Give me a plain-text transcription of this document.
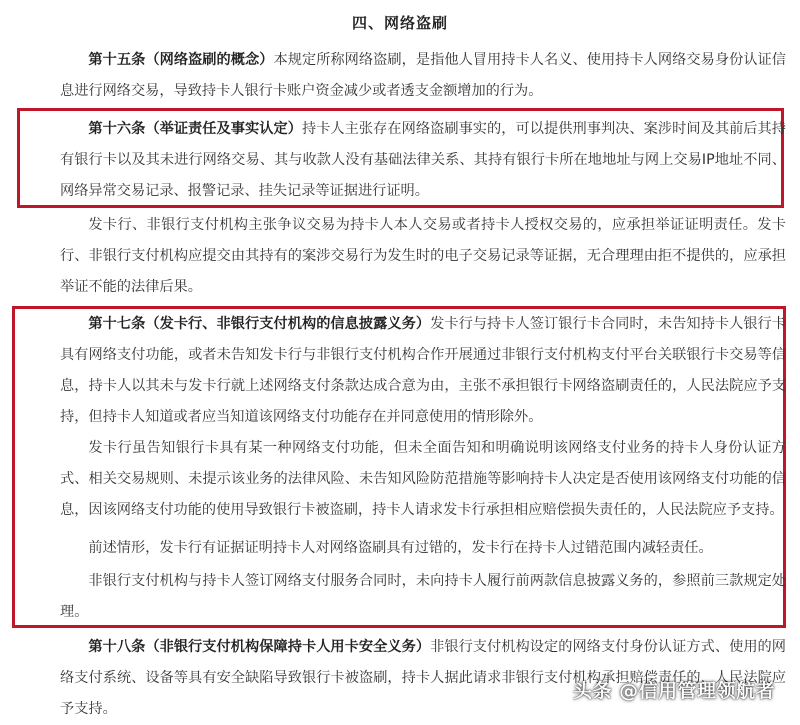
四、网络盗刷

第十五条（网络盗刷的概念）本规定所称网络盗刷，是指他人冒用持卡人名义、使用持卡人网络交易身份认证信息进行网络交易，导致持卡人银行卡账户资金减少或者透支金额增加的行为。

第十六条（举证责任及事实认定）持卡人主张存在网络盗刷事实的，可以提供刑事判决、案涉时间及其前后其持有银行卡以及其未进行网络交易、其与收款人没有基础法律关系、其持有银行卡所在地地址与网上交易IP地址不同、网络异常交易记录、报警记录、挂失记录等证据进行证明。

发卡行、非银行支付机构主张争议交易为持卡人本人交易或者持卡人授权交易的，应承担举证证明责任。发卡行、非银行支付机构应提交由其持有的案涉交易行为发生时的电子交易记录等证据，无合理理由拒不提供的，应承担举证不能的法律后果。

第十七条（发卡行、非银行支付机构的信息披露义务）发卡行与持卡人签订银行卡合同时，未告知持卡人银行卡具有网络支付功能，或者未告知发卡行与非银行支付机构合作开展通过非银行支付机构支付平台关联银行卡交易等信息，持卡人以其未与发卡行就上述网络支付条款达成合意为由，主张不承担银行卡网络盗刷责任的，人民法院应予支持，但持卡人知道或者应当知道该网络支付功能存在并同意使用的情形除外。

发卡行虽告知银行卡具有某一种网络支付功能，但未全面告知和明确说明该网络支付业务的持卡人身份认证方式、相关交易规则、未提示该业务的法律风险、未告知风险防范措施等影响持卡人决定是否使用该网络支付功能的信息，因该网络支付功能的使用导致银行卡被盗刷，持卡人请求发卡行承担相应赔偿损失责任的，人民法院应予支持。

前述情形，发卡行有证据证明持卡人对网络盗刷具有过错的，发卡行在持卡人过错范围内减轻责任。

非银行支付机构与持卡人签订网络支付服务合同时，未向持卡人履行前两款信息披露义务的，参照前三款规定处理。

第十八条（非银行支付机构保障持卡人用卡安全义务）非银行支付机构设定的网络支付身份认证方式、使用的网络支付系统、设备等具有安全缺陷导致银行卡被盗刷，持卡人据此请求非银行支付机构承担赔偿责任的，人民法院应予支持。

头条 @信用管理领航者
